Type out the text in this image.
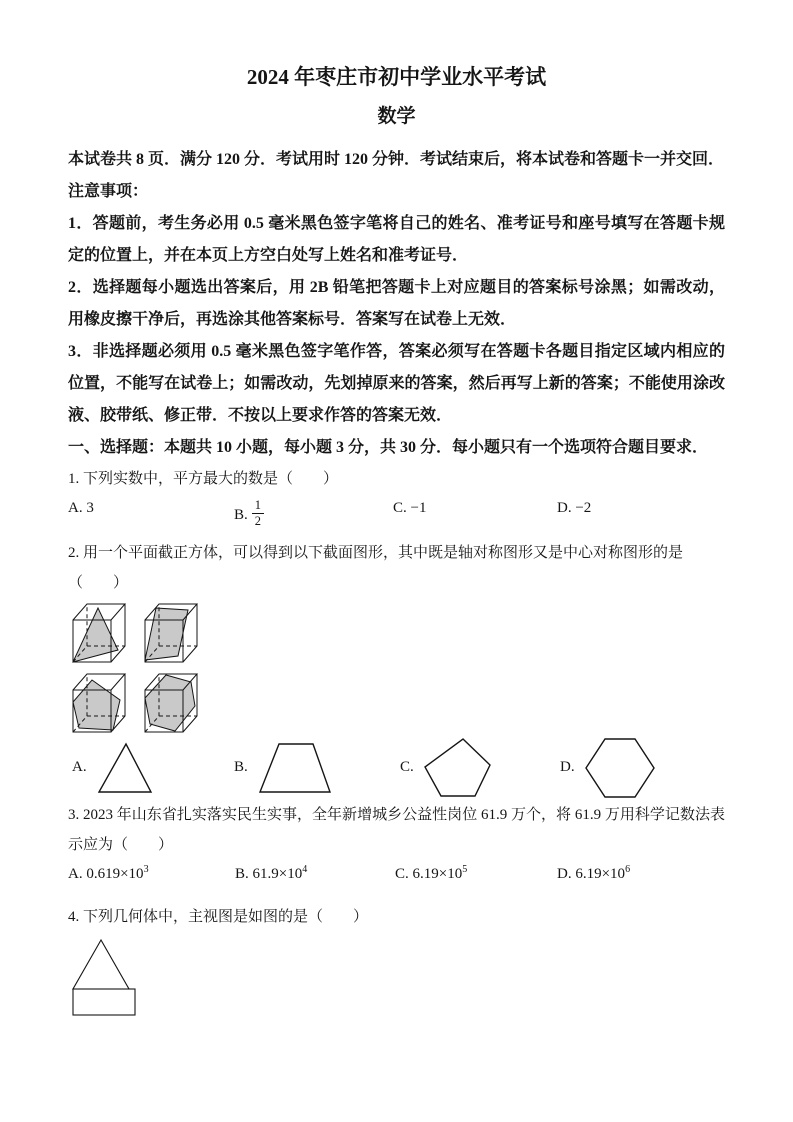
2024 年枣庄市初中学业水平考试
数学

本试卷共 8 页．满分 120 分．考试用时 120 分钟．考试结束后，将本试卷和答题卡一并交回．

注意事项：

1．答题前，考生务必用 0.5 毫米黑色签字笔将自己的姓名、准考证号和座号填写在答题卡规定的位置上，并在本页上方空白处写上姓名和准考证号．

2．选择题每小题选出答案后，用 2B 铅笔把答题卡上对应题目的答案标号涂黑；如需改动，用橡皮擦干净后，再选涂其他答案标号．答案写在试卷上无效．

3．非选择题必须用 0.5 毫米黑色签字笔作答，答案必须写在答题卡各题目指定区域内相应的位置，不能写在试卷上；如需改动，先划掉原来的答案，然后再写上新的答案；不能使用涂改液、胶带纸、修正带．不按以上要求作答的答案无效．

一、选择题：本题共 10 小题，每小题 3 分，共 30 分．每小题只有一个选项符合题目要求．

1. 下列实数中，平方最大的数是（　　）

A. 3	B. $\frac{1}{2}$	C. −1	D. −2

2. 用一个平面截正方体，可以得到以下截面图形，其中既是轴对称图形又是中心对称图形的是（　　）

A.	B.	C.	D.

3. 2023 年山东省扎实落实民生实事，全年新增城乡公益性岗位 61.9 万个，将 61.9 万用科学记数法表示应为（　　）

A. $0.619\times 10^3$	B. $61.9\times 10^4$	C. $6.19\times 10^5$	D. $6.19\times 10^6$

4. 下列几何体中，主视图是如图的是（　　）
